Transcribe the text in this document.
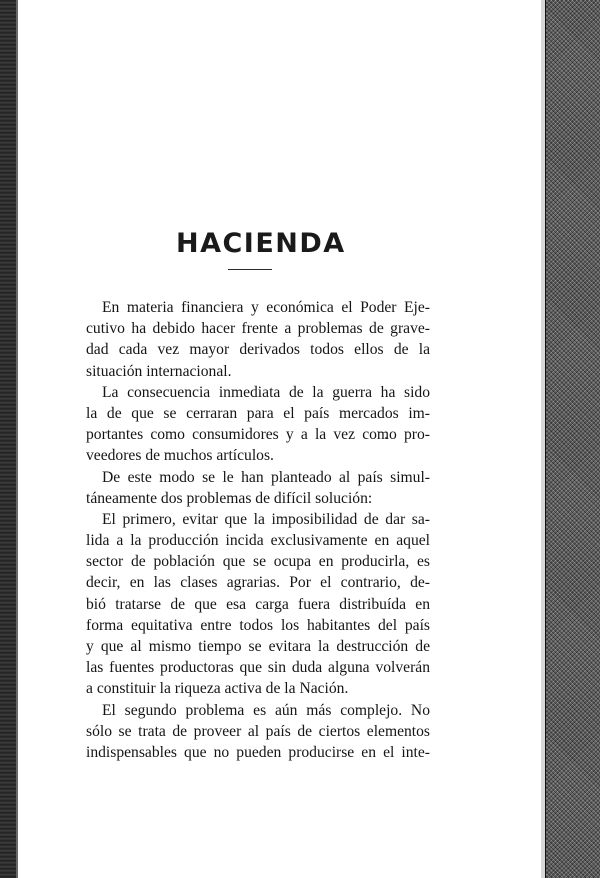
HACIENDA
En materia financiera y económica el Poder Eje-
cutivo ha debido hacer frente a problemas de grave-
dad cada vez mayor derivados todos ellos de la
situación internacional.
La consecuencia inmediata de la guerra ha sido
la de que se cerraran para el país mercados im-
portantes como consumidores y a la vez como pro-
veedores de muchos artículos.
De este modo se le han planteado al país simul-
táneamente dos problemas de difícil solución:
El primero, evitar que la imposibilidad de dar sa-
lida a la producción incida exclusivamente en aquel
sector de población que se ocupa en producirla, es
decir, en las clases agrarias. Por el contrario, de-
bió tratarse de que esa carga fuera distribuída en
forma equitativa entre todos los habitantes del país
y que al mismo tiempo se evitara la destrucción de
las fuentes productoras que sin duda alguna volverán
a constituir la riqueza activa de la Nación.
El segundo problema es aún más complejo. No
sólo se trata de proveer al país de ciertos elementos
indispensables que no pueden producirse en el inte-
